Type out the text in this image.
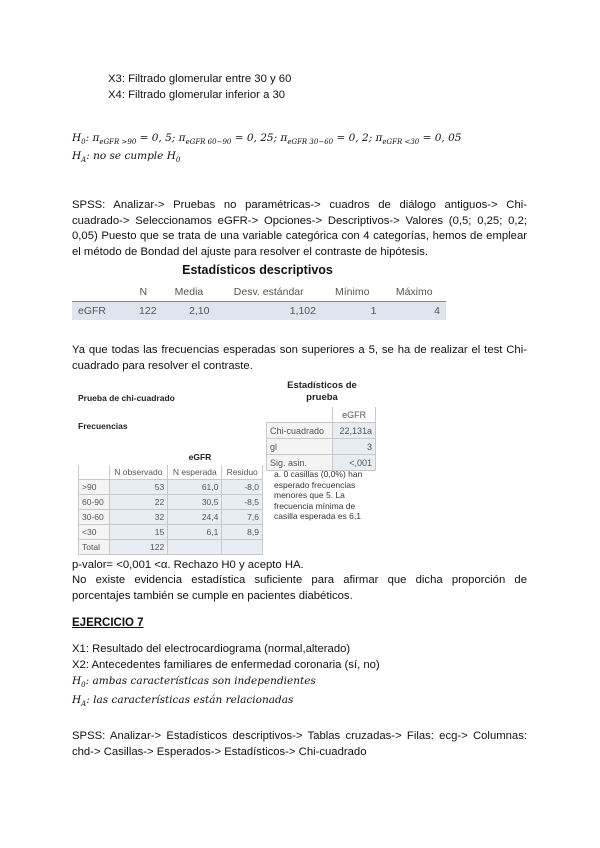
X3: Filtrado glomerular entre 30 y 60
X4: Filtrado glomerular inferior a 30
$H_0$: $\pi_{eGFR >90} = 0$, 5; $\pi_{eGFR 60-90} = 0$, 25; $\pi_{eGFR 30-60} = 0$, 2; $\pi_{eGFR <30} = 0$, 05
$H_A$: no se cumple $H_0$
SPSS: Analizar-> Pruebas no paramétricas-> cuadros de diálogo antiguos-> Chi-cuadrado-> Seleccionamos eGFR-> Opciones-> Descriptivos-> Valores (0,5; 0,25; 0,2; 0,05) Puesto que se trata de una variable categórica con 4 categorías, hemos de emplear el método de Bondad del ajuste para resolver el contraste de hipótesis.
Estadísticos descriptivos
	N	Media	Desv. estándar	Mínimo	Máximo
eGFR	122	2,10	1,102	1	4
Ya que todas las frecuencias esperadas son superiores a 5, se ha de realizar el test Chi-cuadrado para resolver el contraste.
Prueba de chi-cuadrado
Frecuencias
eGFR
	N observado	N esperada	Residuo
>90	53	61,0	-8,0
60-90	22	30,5	-8,5
30-60	32	24,4	7,6
<30	15	6,1	8,9
Total	122		
Estadísticos de prueba
	eGFR
Chi-cuadrado	22,131a
gl	3
Sig. asin.	<,001
a. 0 casillas (0,0%) han esperado frecuencias menores que 5. La frecuencia mínima de casilla esperada es 6,1
p-valor= <0,001 <α. Rechazo H0 y acepto HA.
No existe evidencia estadística suficiente para afirmar que dicha proporción de porcentajes también se cumple en pacientes diabéticos.
EJERCICIO 7
X1: Resultado del electrocardiograma (normal,alterado)
X2: Antecedentes familiares de enfermedad coronaria (sí, no)
$H_0$: ambas características son independientes
$H_A$: las características están relacionadas
SPSS: Analizar-> Estadísticos descriptivos-> Tablas cruzadas-> Filas: ecg-> Columnas: chd-> Casillas-> Esperados-> Estadísticos-> Chi-cuadrado
